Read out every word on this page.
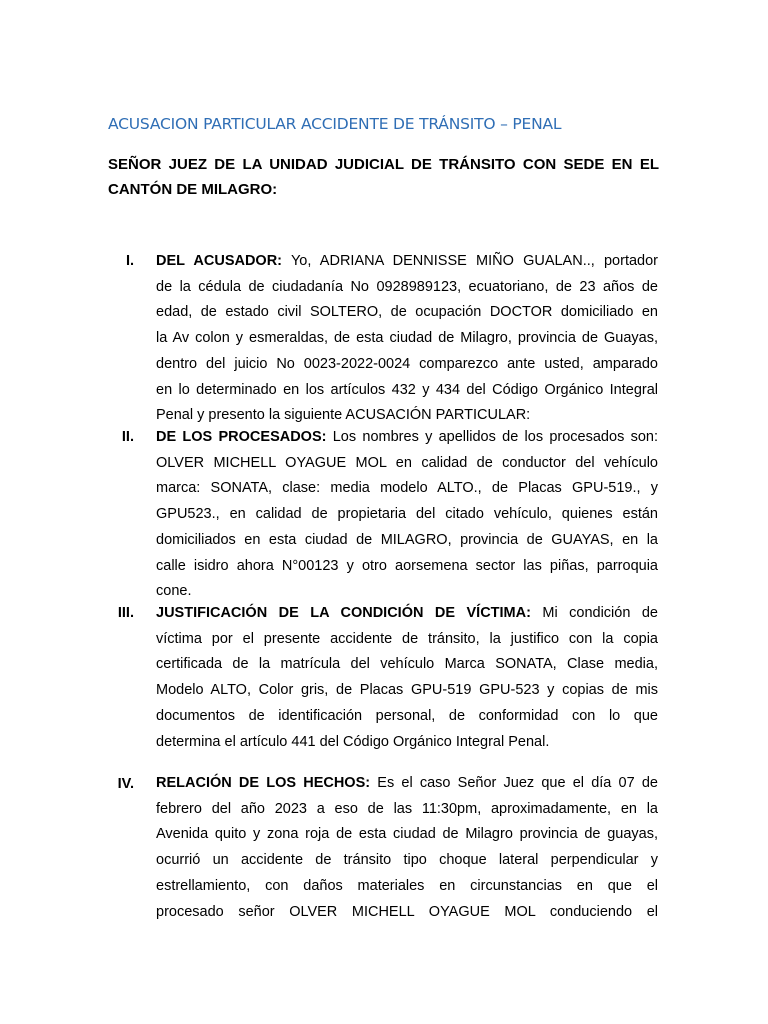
ACUSACION PARTICULAR ACCIDENTE DE TRÁNSITO – PENAL
SEÑOR JUEZ DE LA UNIDAD JUDICIAL DE TRÁNSITO CON SEDE EN EL
CANTÓN DE MILAGRO:
I. DEL ACUSADOR: Yo, ADRIANA DENNISSE MIÑO GUALAN.., portador
de la cédula de ciudadanía No 0928989123, ecuatoriano, de 23 años de
edad, de estado civil SOLTERO, de ocupación DOCTOR domiciliado en
la Av colon y esmeraldas, de esta ciudad de Milagro, provincia de Guayas,
dentro del juicio No 0023-2022-0024 comparezco ante usted, amparado
en lo determinado en los artículos 432 y 434 del Código Orgánico Integral
Penal y presento la siguiente ACUSACIÓN PARTICULAR:
II. DE LOS PROCESADOS: Los nombres y apellidos de los procesados son:
OLVER MICHELL OYAGUE MOL en calidad de conductor del vehículo
marca: SONATA, clase: media modelo ALTO., de Placas GPU-519., y
GPU523., en calidad de propietaria del citado vehículo, quienes están
domiciliados en esta ciudad de MILAGRO, provincia de GUAYAS, en la
calle isidro ahora N°00123 y otro aorsemena sector las piñas, parroquia
cone.
III. JUSTIFICACIÓN DE LA CONDICIÓN DE VÍCTIMA: Mi condición de
víctima por el presente accidente de tránsito, la justifico con la copia
certificada de la matrícula del vehículo Marca SONATA, Clase media,
Modelo ALTO, Color gris, de Placas GPU-519 GPU-523 y copias de mis
documentos de identificación personal, de conformidad con lo que
determina el artículo 441 del Código Orgánico Integral Penal.
IV. RELACIÓN DE LOS HECHOS: Es el caso Señor Juez que el día 07 de
febrero del año 2023 a eso de las 11:30pm, aproximadamente, en la
Avenida quito y zona roja de esta ciudad de Milagro provincia de guayas,
ocurrió un accidente de tránsito tipo choque lateral perpendicular y
estrellamiento, con daños materiales en circunstancias en que el
procesado señor OLVER MICHELL OYAGUE MOL conduciendo el
